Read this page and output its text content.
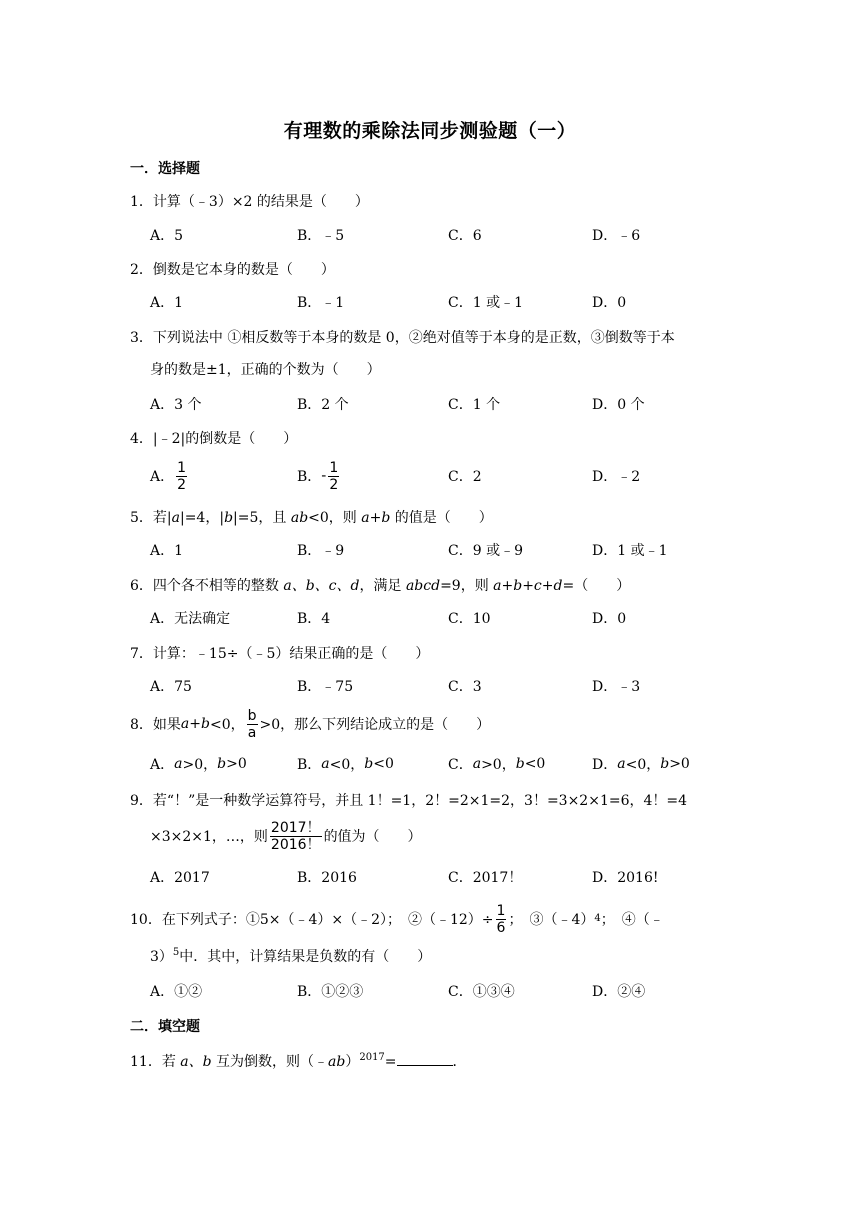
有理数的乘除法同步测验题（一）
一．选择题
1．计算（﹣3）×2 的结果是（　　）
A．5	B．﹣5	C．6	D．﹣6
2．倒数是它本身的数是（　　）
A．1	B．﹣1	C．1 或﹣1	D．0
3．下列说法中 ①相反数等于本身的数是 0，②绝对值等于本身的是正数，③倒数等于本
身的数是±1，正确的个数为（　　）
A．3 个	B．2 个	C．1 个	D．0 个
4．|﹣2|的倒数是（　　）
A． $\frac{1}{2}$	B． - $\frac{1}{2}$	C．2	D．﹣2
5．若|a|=4，|b|=5，且 ab<0，则 a+b 的值是（　　）
A．1	B．﹣9	C．9 或﹣9	D．1 或﹣1
6．四个各不相等的整数 a、b、c、d，满足 abcd=9，则 a+b+c+d=（　　）
A．无法确定	B．4	C．10	D．0
7．计算：﹣15÷（﹣5）结果正确的是（　　）
A．75	B．﹣75	C．3	D．﹣3
8．如果 a+b <0， $\frac{b}{a} >0$，那么下列结论成立的是（　　）
A． a >0， b >0	B． a <0， b <0	C． a >0， b <0	D． a <0， b >0
9．若“！”是一种数学运算符号，并且 1！=1，2！=2×1=2，3！=3×2×1=6，4！=4
×3×2×1，…，则 $\frac{2017!}{2016!}$ 的值为（　　）
A．2017	B．2016	C．2017！	D．2016!
10．在下列式子：①5×（﹣4）×（﹣2）；　②（﹣12）÷ $\frac{1}{6}$ ；　③（﹣4） 4 ；　④（﹣
3）$^5$中．其中，计算结果是负数的有（　　）
A．①②	B．①②③	C．①③④	D．②④
二．填空题
11．若 a、b 互为倒数，则（﹣ab）$^{2017}$=	．
